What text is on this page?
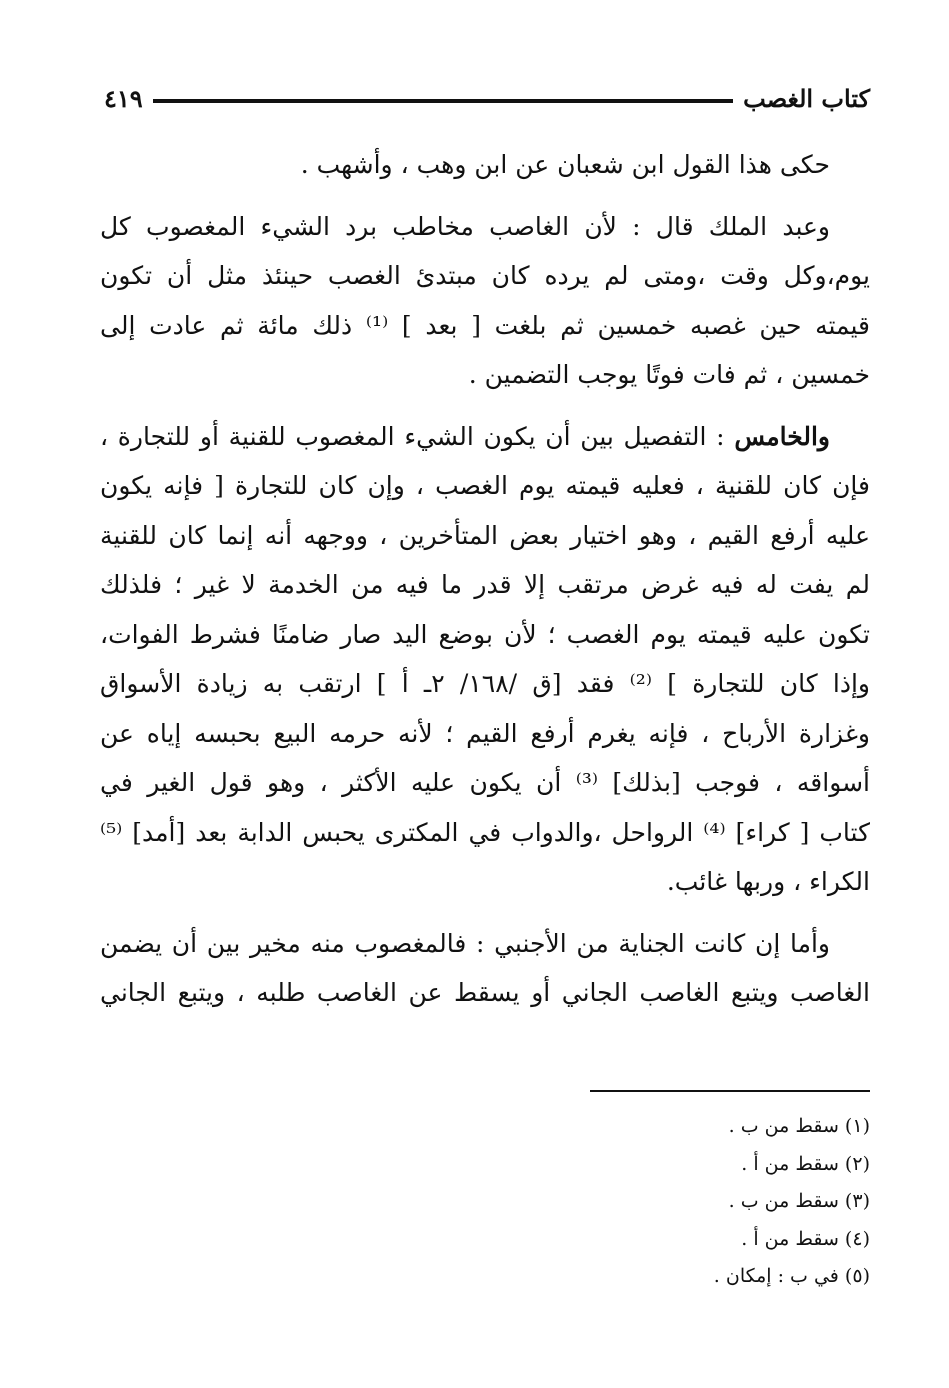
كتاب الغصب
٤١٩
حكى هذا القول ابن شعبان عن ابن وهب ، وأشهب .
وعبد الملك قال : لأن الغاصب مخاطب برد الشيء المغصوب كل
يوم،وكل وقت ،ومتى لم يرده كان مبتدئ الغصب حينئذ مثل أن تكون
قيمته حين غصبه خمسين ثم بلغت [ بعد ] ⁽¹⁾ ذلك مائة ثم عادت إلى
خمسين ، ثم فات فوتًا يوجب التضمين .
والخامس : التفصيل بين أن يكون الشيء المغصوب للقنية أو للتجارة ،
فإن كان للقنية ، فعليه قيمته يوم الغصب ، وإن كان للتجارة [ فإنه يكون
عليه أرفع القيم ، وهو اختيار بعض المتأخرين ، ووجهه أنه إنما كان للقنية
لم يفت له فيه غرض مرتقب إلا قدر ما فيه من الخدمة لا غير ؛ فلذلك
تكون عليه قيمته يوم الغصب ؛ لأن بوضع اليد صار ضامنًا فشرط الفوات،
وإذا كان للتجارة ] ⁽²⁾ فقد [ق /١٦٨/ ٢ـ أ ] ارتقب به زيادة الأسواق
وغزارة الأرباح ، فإنه يغرم أرفع القيم ؛ لأنه حرمه البيع بحبسه إياه عن
أسواقه ، فوجب [بذلك] ⁽³⁾ أن يكون عليه الأكثر ، وهو قول الغير في
كتاب [ كراء] ⁽⁴⁾ الرواحل ،والدواب في المكترى يحبس الدابة بعد [أمد] ⁽⁵⁾
الكراء ، وربها غائب.
وأما إن كانت الجناية من الأجنبي : فالمغصوب منه مخير بين أن يضمن
الغاصب ويتبع الغاصب الجاني أو يسقط عن الغاصب طلبه ، ويتبع الجاني
(١) سقط من ب .
(٢) سقط من أ .
(٣) سقط من ب .
(٤) سقط من أ .
(٥) في ب : إمكان .
